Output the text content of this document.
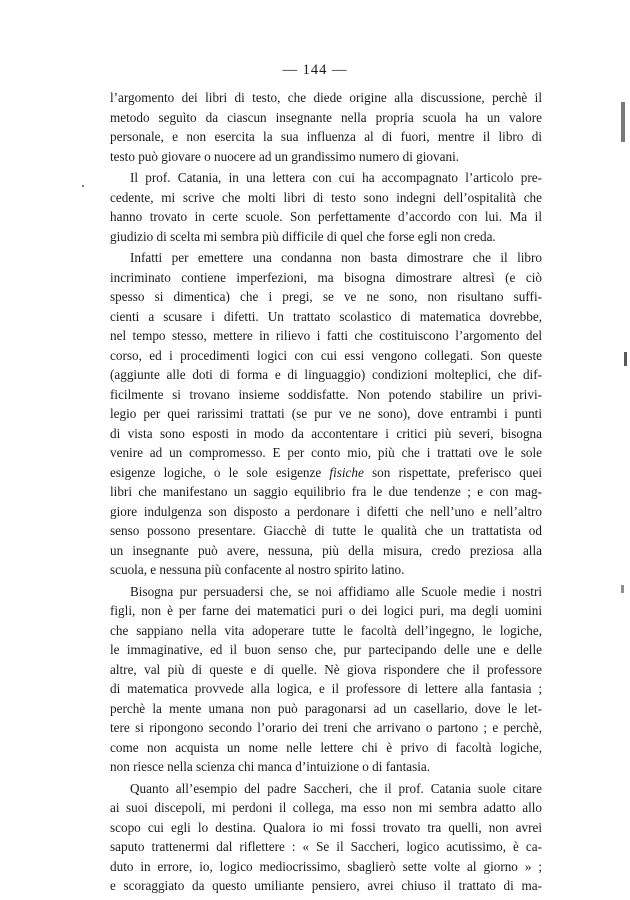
— 144 —
l’argomento dei libri di testo, che diede origine alla discussione, perchè il
metodo seguìto da ciascun insegnante nella propria scuola ha un valore
personale, e non esercita la sua influenza al di fuori, mentre il libro di
testo può giovare o nuocere ad un grandissimo numero di giovani.
Il prof. Catania, in una lettera con cui ha accompagnato l’articolo pre-
cedente, mi scrive che molti libri di testo sono indegni dell’ospitalità che
hanno trovato in certe scuole. Son perfettamente d’accordo con lui. Ma il
giudizio di scelta mi sembra più difficile di quel che forse egli non creda.
Infatti per emettere una condanna non basta dimostrare che il libro
incriminato contiene imperfezioni, ma bisogna dimostrare altresì (e ciò
spesso si dimentica) che i pregi, se ve ne sono, non risultano suffi-
cienti a scusare i difetti. Un trattato scolastico di matematica dovrebbe,
nel tempo stesso, mettere in rilievo i fatti che costituiscono l’argomento del
corso, ed i procedimenti logici con cui essi vengono collegati. Son queste
(aggiunte alle doti di forma e di linguaggio) condizioni molteplici, che dif-
ficilmente si trovano insieme soddisfatte. Non potendo stabilire un privi-
legio per quei rarissimi trattati (se pur ve ne sono), dove entrambi i punti
di vista sono esposti in modo da accontentare i critici più severi, bisogna
venire ad un compromesso. E per conto mio, più che i trattati ove le sole
esigenze logiche, o le sole esigenze fisiche son rispettate, preferisco quei
libri che manifestano un saggio equilibrio fra le due tendenze ; e con mag-
giore indulgenza son disposto a perdonare i difetti che nell’uno e nell’altro
senso possono presentare. Giacchè di tutte le qualità che un trattatista od
un insegnante può avere, nessuna, più della misura, credo preziosa alla
scuola, e nessuna più confacente al nostro spirito latino.
Bisogna pur persuadersi che, se noi affidiamo alle Scuole medie i nostri
figli, non è per farne dei matematici puri o dei logici puri, ma degli uomini
che sappiano nella vita adoperare tutte le facoltà dell’ingegno, le logiche,
le immaginative, ed il buon senso che, pur partecipando delle une e delle
altre, val più di queste e di quelle. Nè giova rispondere che il professore
di matematica provvede alla logica, e il professore di lettere alla fantasia ;
perchè la mente umana non può paragonarsi ad un casellario, dove le let-
tere si ripongono secondo l’orario dei treni che arrivano o partono ; e perchè,
come non acquista un nome nelle lettere chi è privo di facoltà logiche,
non riesce nella scienza chi manca d’intuizione o di fantasia.
Quanto all’esempio del padre Saccheri, che il prof. Catania suole citare
ai suoi discepoli, mi perdoni il collega, ma esso non mi sembra adatto allo
scopo cui egli lo destina. Qualora io mi fossi trovato tra quelli, non avrei
saputo trattenermi dal riflettere : « Se il Saccheri, logico acutissimo, è ca-
duto in errore, io, logico mediocrissimo, sbaglierò sette volte al giorno » ;
e scoraggiato da questo umiliante pensiero, avrei chiuso il trattato di ma-
